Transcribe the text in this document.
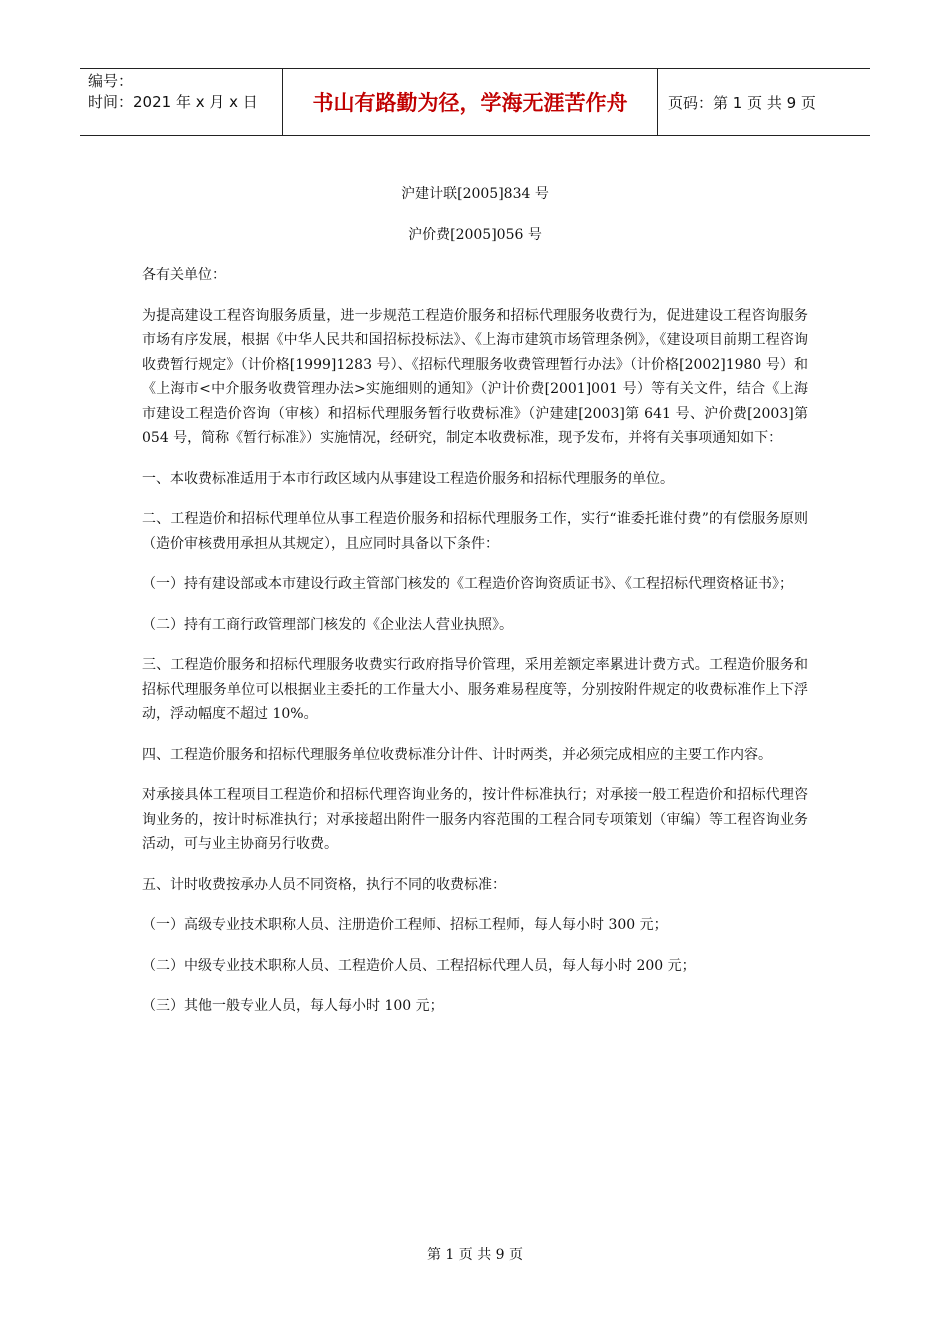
编号：
时间：2021 年 x 月 x 日	书山有路勤为径，学海无涯苦作舟	页码：第 1 页 共 9 页

沪建计联[2005]834 号

沪价费[2005]056 号

各有关单位：

为提高建设工程咨询服务质量，进一步规范工程造价服务和招标代理服务收费行为，促进建设工程咨询服务市场有序发展，根据《中华人民共和国招标投标法》、《上海市建筑市场管理条例》，《建设项目前期工程咨询收费暂行规定》（计价格[1999]1283 号）、《招标代理服务收费管理暂行办法》（计价格[2002]1980 号）和《上海市<中介服务收费管理办法>实施细则的通知》（沪计价费[2001]001 号）等有关文件，结合《上海市建设工程造价咨询（审核）和招标代理服务暂行收费标准》（沪建建[2003]第 641 号、沪价费[2003]第 054 号，简称《暂行标准》）实施情况，经研究，制定本收费标准，现予发布，并将有关事项通知如下：

一、本收费标准适用于本市行政区域内从事建设工程造价服务和招标代理服务的单位。

二、工程造价和招标代理单位从事工程造价服务和招标代理服务工作，实行“谁委托谁付费”的有偿服务原则（造价审核费用承担从其规定），且应同时具备以下条件：

（一）持有建设部或本市建设行政主管部门核发的《工程造价咨询资质证书》、《工程招标代理资格证书》；

（二）持有工商行政管理部门核发的《企业法人营业执照》。

三、工程造价服务和招标代理服务收费实行政府指导价管理，采用差额定率累进计费方式。工程造价服务和招标代理服务单位可以根据业主委托的工作量大小、服务难易程度等，分别按附件规定的收费标准作上下浮动，浮动幅度不超过 10%。

四、工程造价服务和招标代理服务单位收费标准分计件、计时两类，并必须完成相应的主要工作内容。

对承接具体工程项目工程造价和招标代理咨询业务的，按计件标准执行；对承接一般工程造价和招标代理咨询业务的，按计时标准执行；对承接超出附件一服务内容范围的工程合同专项策划（审编）等工程咨询业务活动，可与业主协商另行收费。

五、计时收费按承办人员不同资格，执行不同的收费标准：

（一）高级专业技术职称人员、注册造价工程师、招标工程师，每人每小时 300 元；

（二）中级专业技术职称人员、工程造价人员、工程招标代理人员，每人每小时 200 元；

（三）其他一般专业人员，每人每小时 100 元；

第 1 页 共 9 页
